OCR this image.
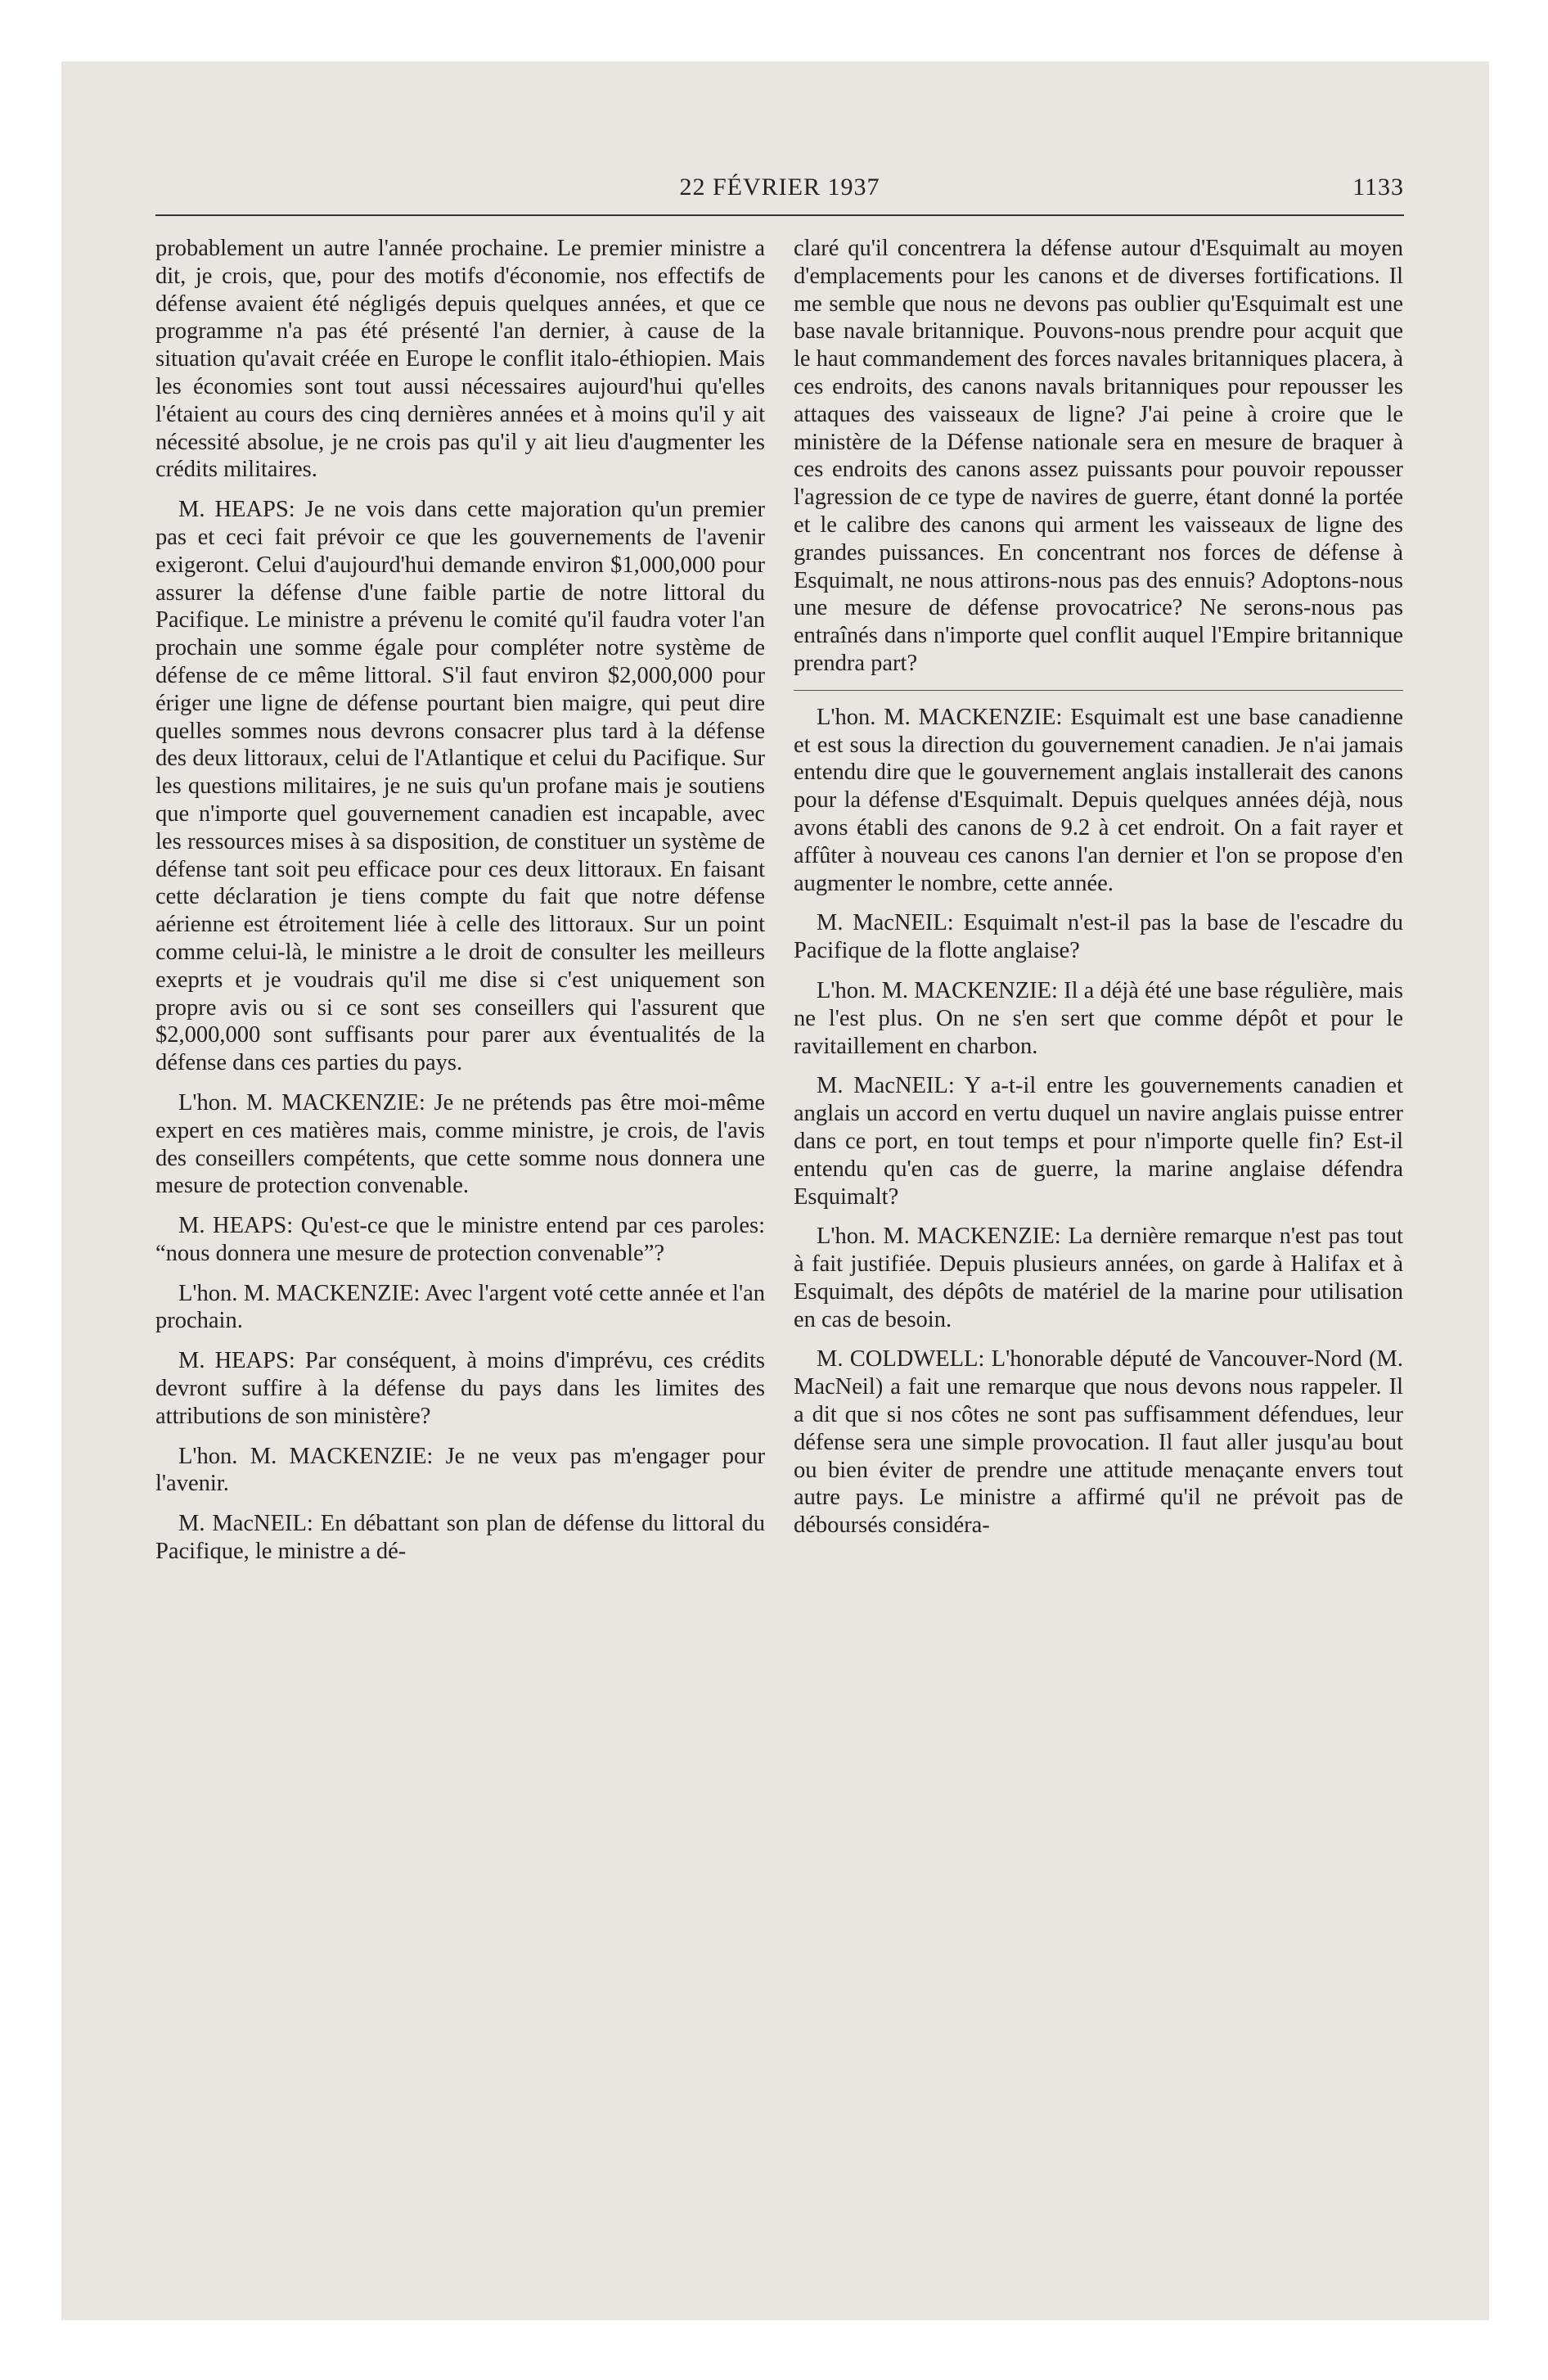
22 FÉVRIER 1937	1133

probablement un autre l'année prochaine. Le premier ministre a dit, je crois, que, pour des motifs d'économie, nos effectifs de défense avaient été négligés depuis quelques années, et que ce programme n'a pas été présenté l'an dernier, à cause de la situation qu'avait créée en Europe le conflit italo-éthiopien. Mais les économies sont tout aussi nécessaires aujourd'hui qu'elles l'étaient au cours des cinq dernières années et à moins qu'il y ait nécessité absolue, je ne crois pas qu'il y ait lieu d'augmenter les crédits militaires.

M. HEAPS: Je ne vois dans cette majoration qu'un premier pas et ceci fait prévoir ce que les gouvernements de l'avenir exigeront. Celui d'aujourd'hui demande environ $1,000,000 pour assurer la défense d'une faible partie de notre littoral du Pacifique. Le ministre a prévenu le comité qu'il faudra voter l'an prochain une somme égale pour compléter notre système de défense de ce même littoral. S'il faut environ $2,000,000 pour ériger une ligne de défense pourtant bien maigre, qui peut dire quelles sommes nous devrons consacrer plus tard à la défense des deux littoraux, celui de l'Atlantique et celui du Pacifique. Sur les questions militaires, je ne suis qu'un profane mais je soutiens que n'importe quel gouvernement canadien est incapable, avec les ressources mises à sa disposition, de constituer un système de défense tant soit peu efficace pour ces deux littoraux. En faisant cette déclaration je tiens compte du fait que notre défense aérienne est étroitement liée à celle des littoraux. Sur un point comme celui-là, le ministre a le droit de consulter les meilleurs exeprts et je voudrais qu'il me dise si c'est uniquement son propre avis ou si ce sont ses conseillers qui l'assurent que $2,000,000 sont suffisants pour parer aux éventualités de la défense dans ces parties du pays.

L'hon. M. MACKENZIE: Je ne prétends pas être moi-même expert en ces matières mais, comme ministre, je crois, de l'avis des conseillers compétents, que cette somme nous donnera une mesure de protection convenable.

M. HEAPS: Qu'est-ce que le ministre entend par ces paroles: “nous donnera une mesure de protection convenable”?

L'hon. M. MACKENZIE: Avec l'argent voté cette année et l'an prochain.

M. HEAPS: Par conséquent, à moins d'imprévu, ces crédits devront suffire à la défense du pays dans les limites des attributions de son ministère?

L'hon. M. MACKENZIE: Je ne veux pas m'engager pour l'avenir.

M. MacNEIL: En débattant son plan de défense du littoral du Pacifique, le ministre a dé-

claré qu'il concentrera la défense autour d'Esquimalt au moyen d'emplacements pour les canons et de diverses fortifications. Il me semble que nous ne devons pas oublier qu'Esquimalt est une base navale britannique. Pouvons-nous prendre pour acquit que le haut commandement des forces navales britanniques placera, à ces endroits, des canons navals britanniques pour repousser les attaques des vaisseaux de ligne? J'ai peine à croire que le ministère de la Défense nationale sera en mesure de braquer à ces endroits des canons assez puissants pour pouvoir repousser l'agression de ce type de navires de guerre, étant donné la portée et le calibre des canons qui arment les vaisseaux de ligne des grandes puissances. En concentrant nos forces de défense à Esquimalt, ne nous attirons-nous pas des ennuis? Adoptons-nous une mesure de défense provocatrice? Ne serons-nous pas entraînés dans n'importe quel conflit auquel l'Empire britannique prendra part?

L'hon. M. MACKENZIE: Esquimalt est une base canadienne et est sous la direction du gouvernement canadien. Je n'ai jamais entendu dire que le gouvernement anglais installerait des canons pour la défense d'Esquimalt. Depuis quelques années déjà, nous avons établi des canons de 9.2 à cet endroit. On a fait rayer et affûter à nouveau ces canons l'an dernier et l'on se propose d'en augmenter le nombre, cette année.

M. MacNEIL: Esquimalt n'est-il pas la base de l'escadre du Pacifique de la flotte anglaise?

L'hon. M. MACKENZIE: Il a déjà été une base régulière, mais ne l'est plus. On ne s'en sert que comme dépôt et pour le ravitaillement en charbon.

M. MacNEIL: Y a-t-il entre les gouvernements canadien et anglais un accord en vertu duquel un navire anglais puisse entrer dans ce port, en tout temps et pour n'importe quelle fin? Est-il entendu qu'en cas de guerre, la marine anglaise défendra Esquimalt?

L'hon. M. MACKENZIE: La dernière remarque n'est pas tout à fait justifiée. Depuis plusieurs années, on garde à Halifax et à Esquimalt, des dépôts de matériel de la marine pour utilisation en cas de besoin.

M. COLDWELL: L'honorable député de Vancouver-Nord (M. MacNeil) a fait une remarque que nous devons nous rappeler. Il a dit que si nos côtes ne sont pas suffisamment défendues, leur défense sera une simple provocation. Il faut aller jusqu'au bout ou bien éviter de prendre une attitude menaçante envers tout autre pays. Le ministre a affirmé qu'il ne prévoit pas de déboursés considéra-
